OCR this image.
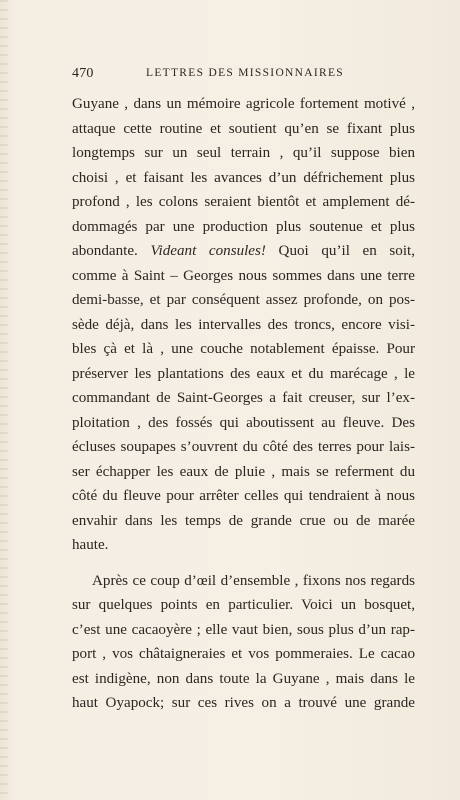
470	LETTRES DES MISSIONNAIRES
Guyane , dans un mémoire agricole fortement motivé ,
attaque cette routine et soutient qu’en se fixant plus
longtemps sur un seul terrain , qu’il suppose bien
choisi , et faisant les avances d’un défrichement plus
profond , les colons seraient bientôt et amplement dé-
dommagés par une production plus soutenue et plus
abondante. Videant consules! Quoi qu’il en soit,
comme à Saint – Georges nous sommes dans une terre
demi-basse, et par conséquent assez profonde, on pos-
sède déjà, dans les intervalles des troncs, encore visi-
bles çà et là , une couche notablement épaisse. Pour
préserver les plantations des eaux et du marécage , le
commandant de Saint-Georges a fait creuser, sur l’ex-
ploitation , des fossés qui aboutissent au fleuve. Des
écluses soupapes s’ouvrent du côté des terres pour lais-
ser échapper les eaux de pluie , mais se referment du
côté du fleuve pour arrêter celles qui tendraient à nous
envahir dans les temps de grande crue ou de marée
haute.
Après ce coup d’œil d’ensemble , fixons nos regards
sur quelques points en particulier. Voici un bosquet,
c’est une cacaoyère ; elle vaut bien, sous plus d’un rap-
port , vos châtaigneraies et vos pommeraies. Le cacao
est indigène, non dans toute la Guyane , mais dans le
haut Oyapock; sur ces rives on a trouvé une grande
